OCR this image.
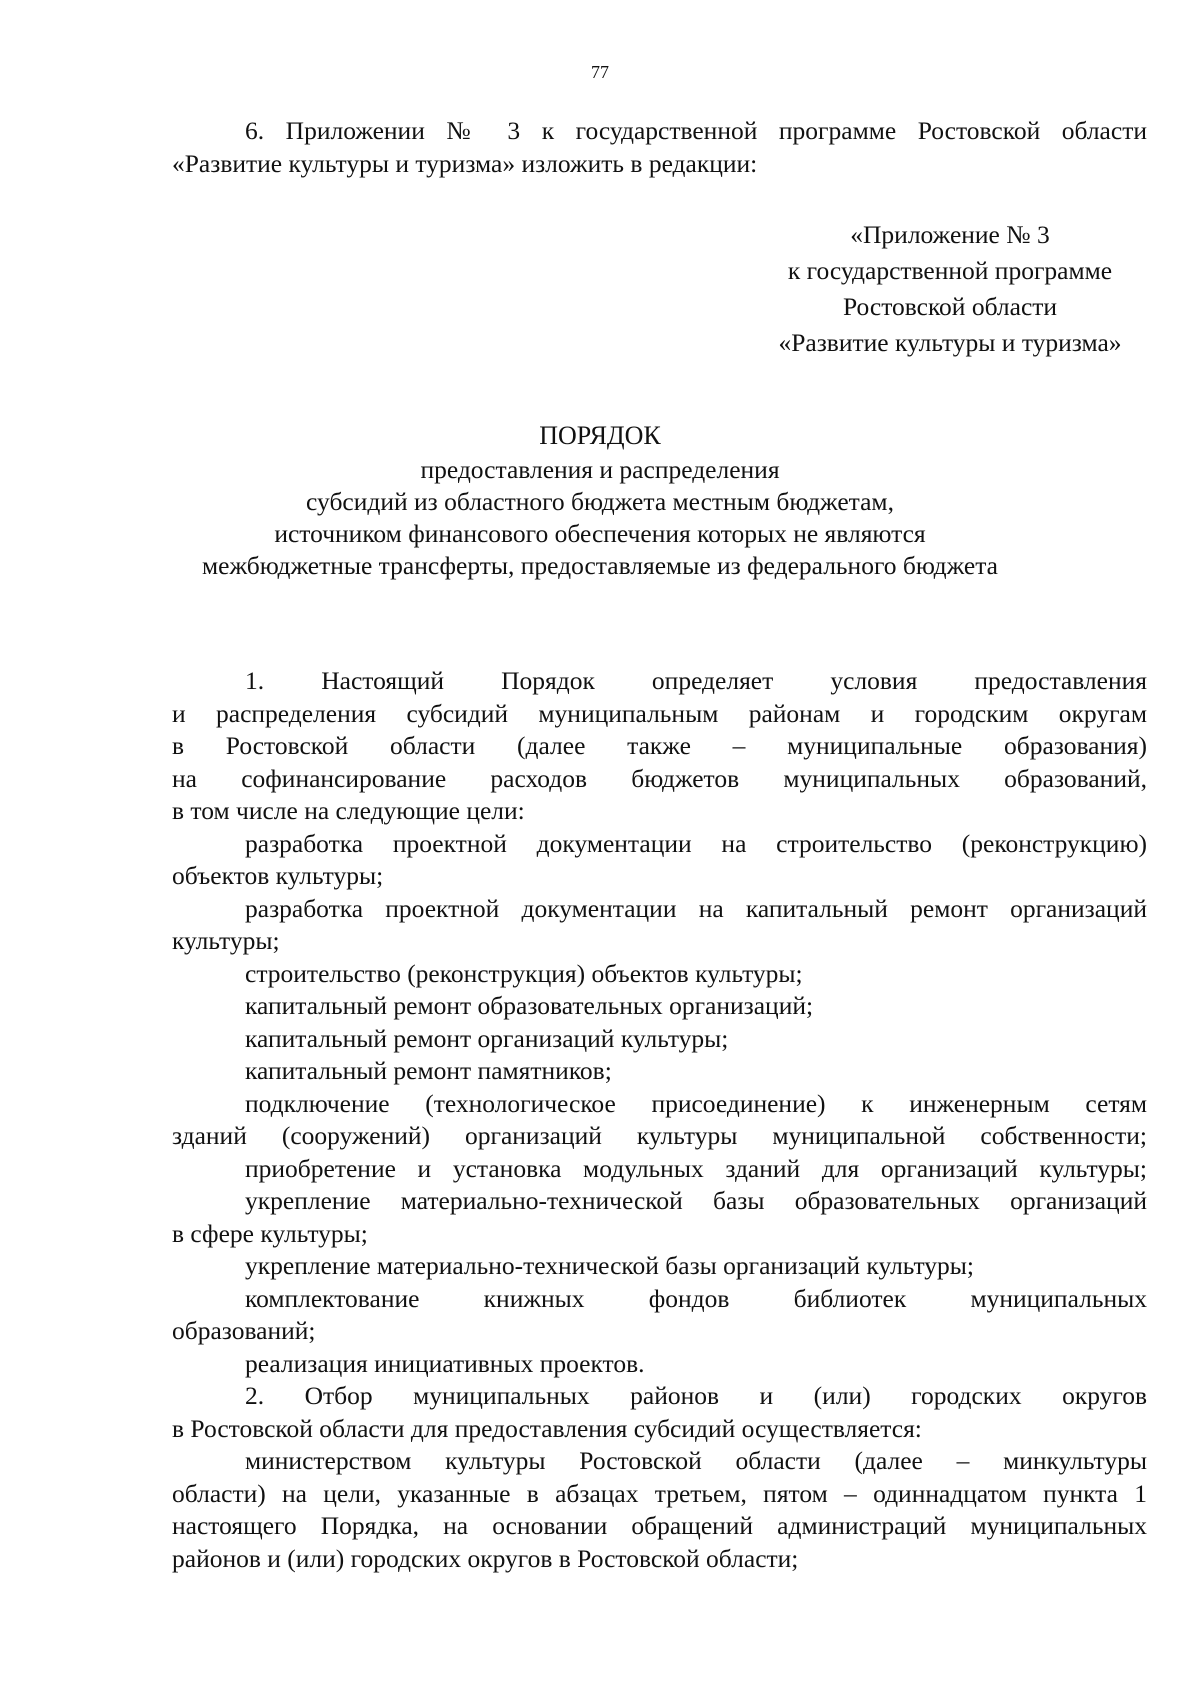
77
6. Приложении № 3 к государственной программе Ростовской области
«Развитие культуры и туризма» изложить в редакции:
«Приложение № 3
к государственной программе
Ростовской области
«Развитие культуры и туризма»
ПОРЯДОК
предоставления и распределения
субсидий из областного бюджета местным бюджетам,
источником финансового обеспечения которых не являются
межбюджетные трансферты, предоставляемые из федерального бюджета
1. Настоящий Порядок определяет условия предоставления
и распределения субсидий муниципальным районам и городским округам
в Ростовской области (далее также – муниципальные образования)
на софинансирование расходов бюджетов муниципальных образований,
в том числе на следующие цели:
разработка проектной документации на строительство (реконструкцию)
объектов культуры;
разработка проектной документации на капитальный ремонт организаций
культуры;
строительство (реконструкция) объектов культуры;
капитальный ремонт образовательных организаций;
капитальный ремонт организаций культуры;
капитальный ремонт памятников;
подключение (технологическое присоединение) к инженерным сетям
зданий (сооружений) организаций культуры муниципальной собственности;
приобретение и установка модульных зданий для организаций культуры;
укрепление материально-технической базы образовательных организаций
в сфере культуры;
укрепление материально-технической базы организаций культуры;
комплектование книжных фондов библиотек муниципальных
образований;
реализация инициативных проектов.
2. Отбор муниципальных районов и (или) городских округов
в Ростовской области для предоставления субсидий осуществляется:
министерством культуры Ростовской области (далее – минкультуры
области) на цели, указанные в абзацах третьем, пятом – одиннадцатом пункта 1
настоящего Порядка, на основании обращений администраций муниципальных
районов и (или) городских округов в Ростовской области;
